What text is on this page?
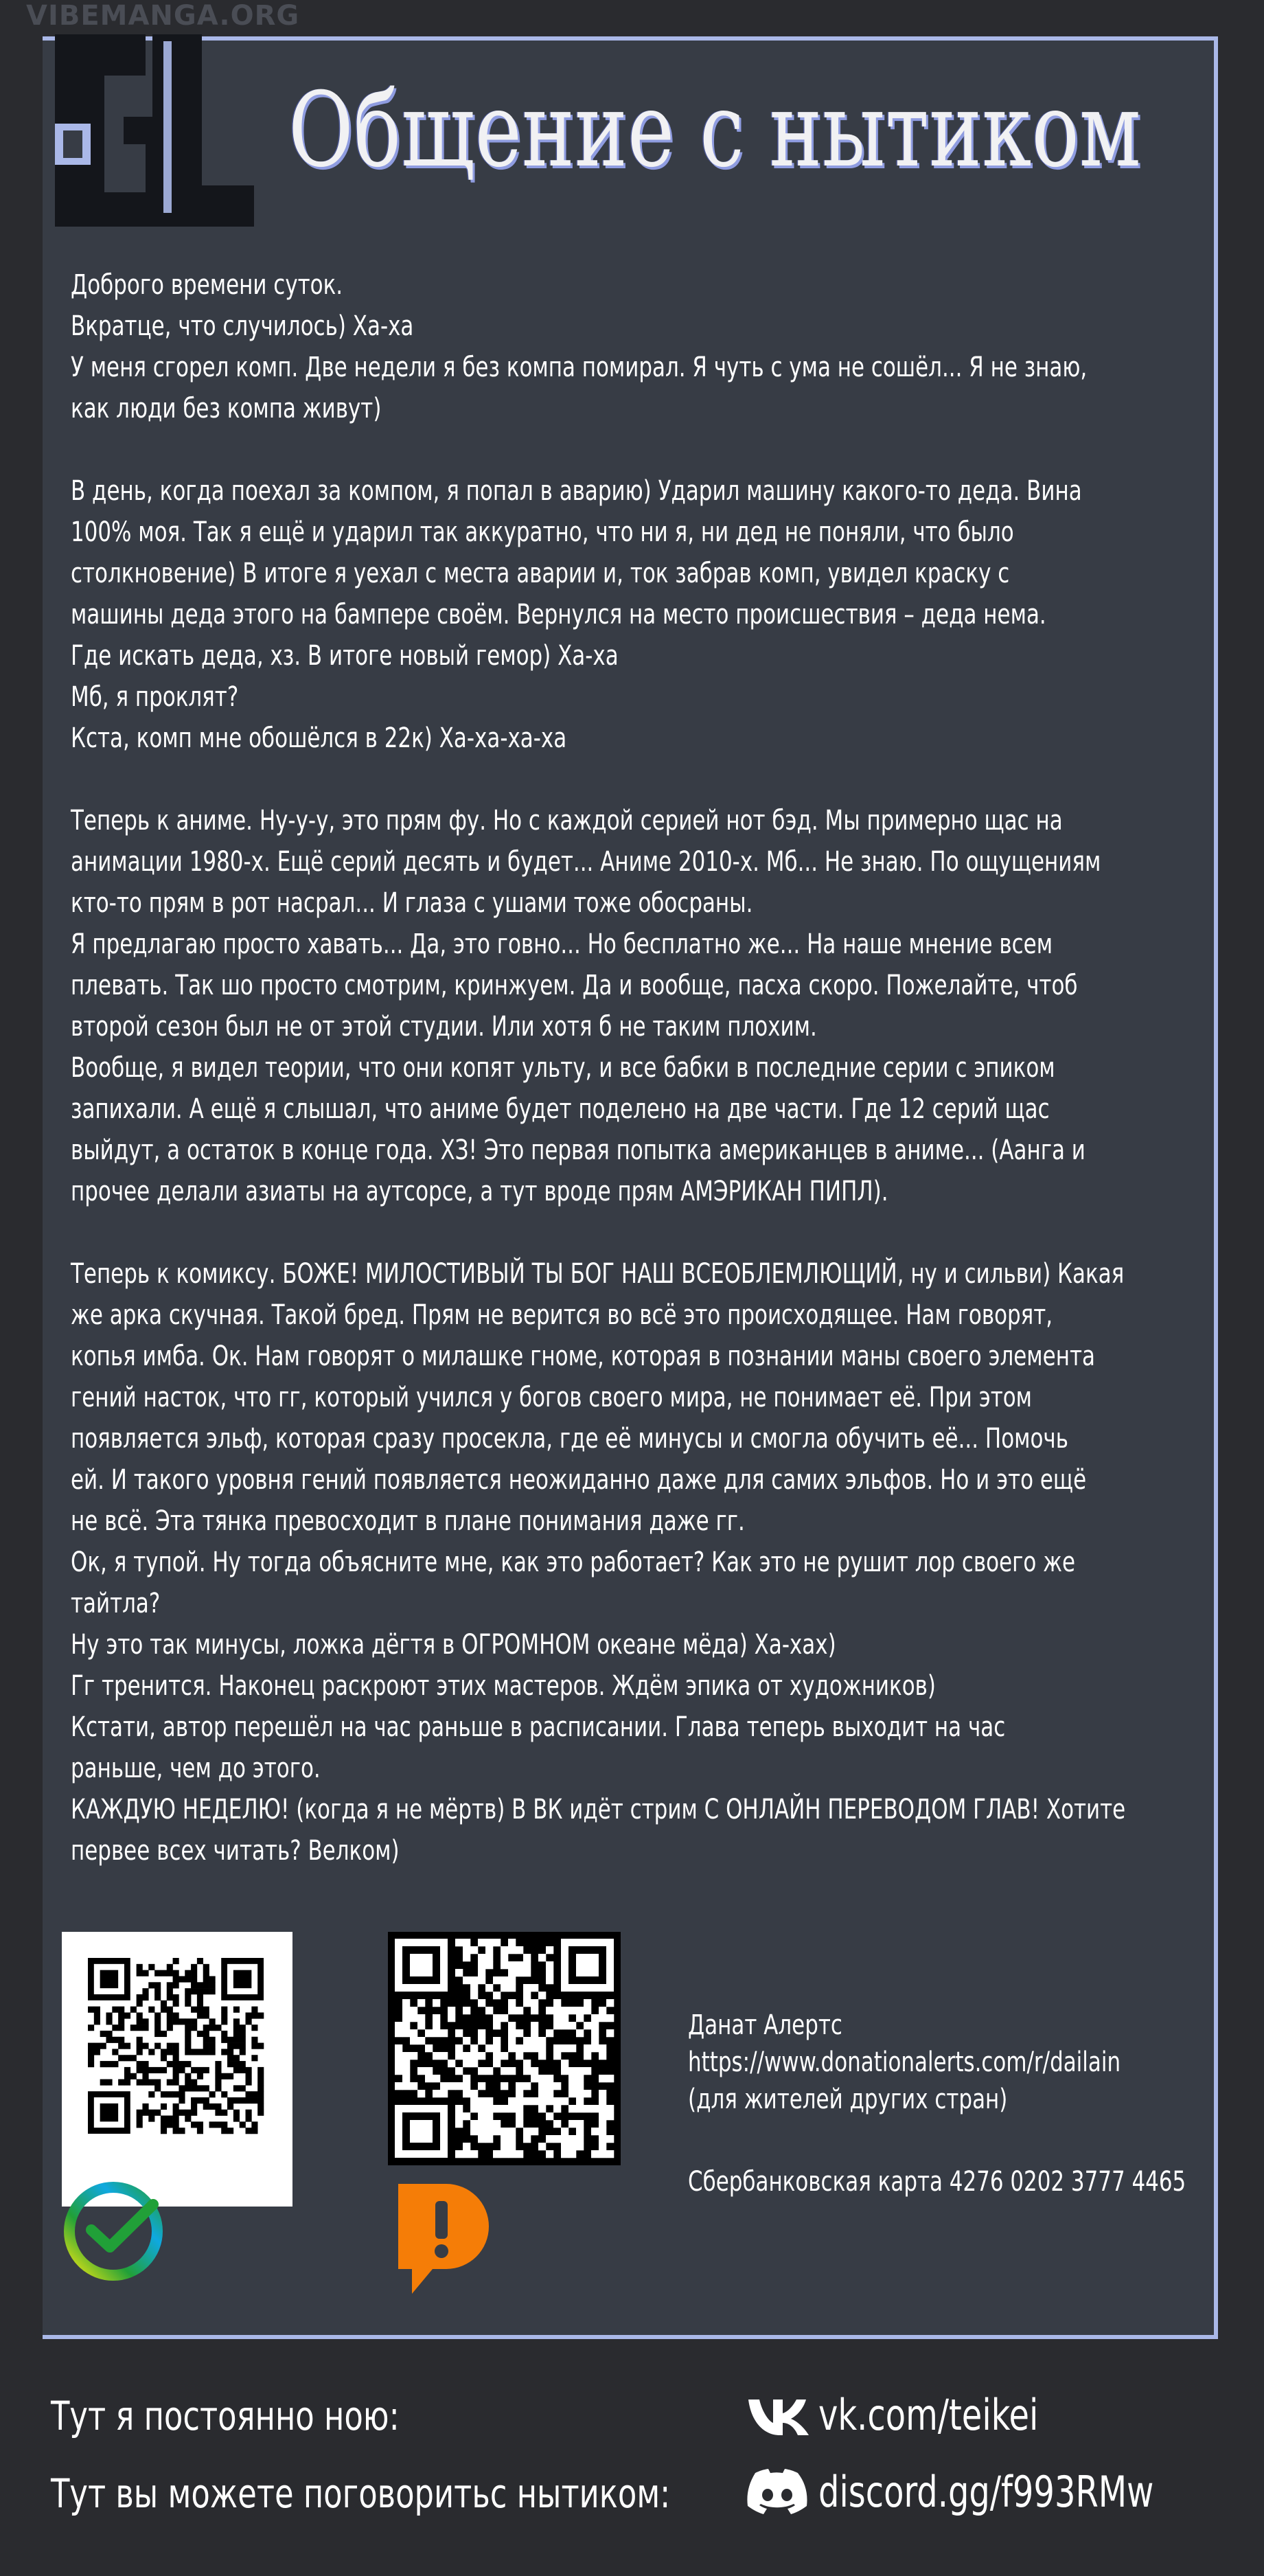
VIBEMANGA.ORG
Общение с нытиком
Доброго времени суток.
Вкратце, что случилось) Ха-ха
У меня сгорел комп. Две недели я без компа помирал. Я чуть с ума не сошёл... Я не знаю,
как люди без компа живут)
В день, когда поехал за компом, я попал в аварию) Ударил машину какого-то деда. Вина
100% моя. Так я ещё и ударил так аккуратно, что ни я, ни дед не поняли, что было
столкновение) В итоге я уехал с места аварии и, ток забрав комп, увидел краску с
машины деда этого на бампере своём. Вернулся на место происшествия – деда нема.
Где искать деда, хз. В итоге новый гемор) Ха-ха
Мб, я проклят?
Кста, комп мне обошёлся в 22к) Ха-ха-ха-ха
Теперь к аниме. Ну-у-у, это прям фу. Но с каждой серией нот бэд. Мы примерно щас на
анимации 1980-х. Ещё серий десять и будет... Аниме 2010-х. Мб... Не знаю. По ощущениям
кто-то прям в рот насрал... И глаза с ушами тоже обосраны.
Я предлагаю просто хавать... Да, это говно... Но бесплатно же... На наше мнение всем
плевать. Так шо просто смотрим, кринжуем. Да и вообще, пасха скоро. Пожелайте, чтоб
второй сезон был не от этой студии. Или хотя б не таким плохим.
Вообще, я видел теории, что они копят ульту, и все бабки в последние серии с эпиком
запихали. А ещё я слышал, что аниме будет поделено на две части. Где 12 серий щас
выйдут, а остаток в конце года. ХЗ! Это первая попытка американцев в аниме... (Аанга и
прочее делали азиаты на аутсорсе, а тут вроде прям АМЭРИКАН ПИПЛ).
Теперь к комиксу. БОЖЕ! МИЛОСТИВЫЙ ТЫ БОГ НАШ ВСЕОБЛЕМЛЮЩИЙ, ну и сильви) Какая
же арка скучная. Такой бред. Прям не верится во всё это происходящее. Нам говорят,
копья имба. Ок. Нам говорят о милашке гноме, которая в познании маны своего элемента
гений насток, что гг, который учился у богов своего мира, не понимает её. При этом
появляется эльф, которая сразу просекла, где её минусы и смогла обучить её... Помочь
ей. И такого уровня гений появляется неожиданно даже для самих эльфов. Но и это ещё
не всё. Эта тянка превосходит в плане понимания даже гг.
Ок, я тупой. Ну тогда объясните мне, как это работает? Как это не рушит лор своего же
тайтла?
Ну это так минусы, ложка дёгтя в ОГРОМНОМ океане мёда) Ха-хах)
Гг тренится. Наконец раскроют этих мастеров. Ждём эпика от художников)
Кстати, автор перешёл на час раньше в расписании. Глава теперь выходит на час
раньше, чем до этого.
КАЖДУЮ НЕДЕЛЮ! (когда я не мёртв) В ВК идёт стрим С ОНЛАЙН ПЕРЕВОДОМ ГЛАВ! Хотите
первее всех читать? Велком)
Данат Алертс
https://www.donationalerts.com/r/dailain
(для жителей других стран)
Сбербанковская карта 4276 0202 3777 4465
Тут я постоянно ною:	vk.com/teikei
Тут вы можете поговоритьс нытиком:	discord.gg/f993RMw
